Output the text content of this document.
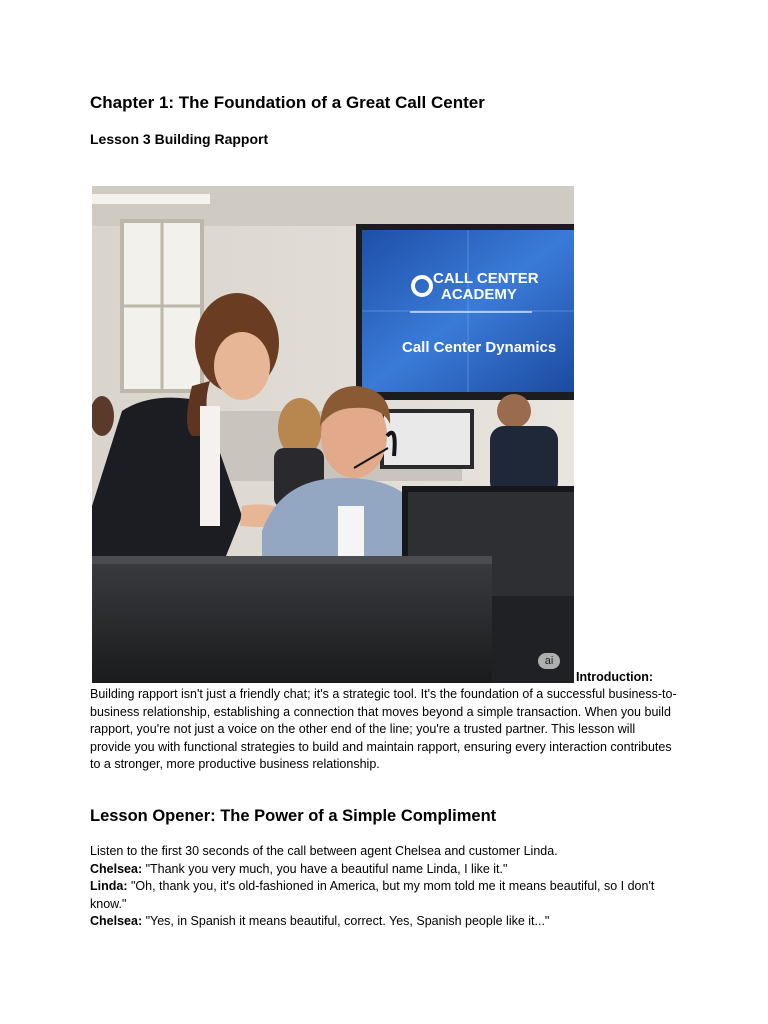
Chapter 1: The Foundation of a Great Call Center
Lesson 3 Building Rapport
CALL CENTER
ACADEMY
Call Center Dynamics
ai
Introduction:

Building rapport isn't just a friendly chat; it's a strategic tool. It's the foundation of a successful business-to-business relationship, establishing a connection that moves beyond a simple transaction. When you build rapport, you're not just a voice on the other end of the line; you're a trusted partner. This lesson will provide you with functional strategies to build and maintain rapport, ensuring every interaction contributes to a stronger, more productive business relationship.

Lesson Opener: The Power of a Simple Compliment

Listen to the first 30 seconds of the call between agent Chelsea and customer Linda.

Chelsea: "Thank you very much, you have a beautiful name Linda, I like it."

Linda: "Oh, thank you, it's old-fashioned in America, but my mom told me it means beautiful, so I don't know."

Chelsea: "Yes, in Spanish it means beautiful, correct. Yes, Spanish people like it..."
